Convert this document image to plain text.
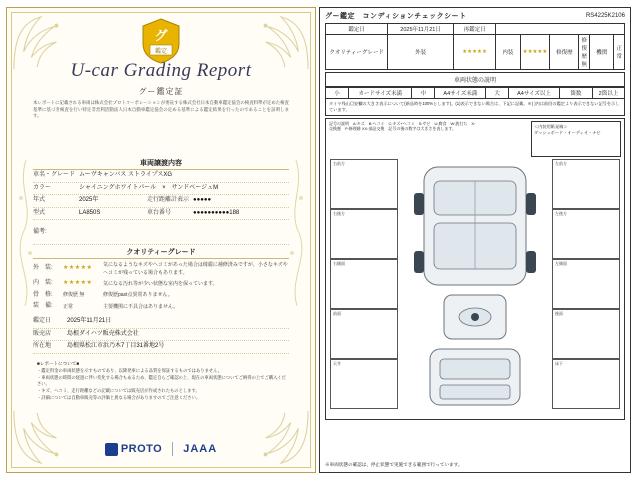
グ
鑑定
U-car Grading Report
グー鑑定証
本レポートに記載される車両は株式会社プロトコーポレーションが委託する株式会社日本自動車鑑定協会の検査料準が定めた検査基準に基づき検査を行い特定非営利活動法人日本自動車鑑定協会の定める基準による鑑定結果を行ったのであることを証明します。
車両譲渡内容
車名・グレード ムーヴキャンバス ストライプスXG
カラー	シャイニングホワイトパール　×　サンドベージュM
年式	2025年	走行距離計表示 ●●●●●
型式	LA850S	車台番号	●●●●●●●●●●188
備考:
クオリティーグレード
外　装:	★★★★★
気になるようなキズやへコミがあった場合は綺麗に補修済みですが、小さなキズやヘコミが残っている場合もあります。
内　装:	★★★★★	気になる汚れ等が少い状態な室内を保っています。
骨　格:	修復歴 無	修復歴past点異常ありません。
装　備:	正常	主要機関に不具合はありません。
鑑定日	2025年11月21日
販売店	島根ダイハツ販売株式会社
所在地	島根県松江市浜乃木7丁目31番地2号
■レポートについて■
・鑑定料金の車両状態を示すものであり、以降発車による品質を保証するものではありません。
・車両状態の時間の経過に伴い変化する場合もあるため、鑑定自らご確認の上、現在の車両状態についてご納得の上でご購入ください。
・キズ、へコミ、走行距離などの記載については販売店が作成されたものとします。
・詳細については自動車販売等の評価と異なる場合がありますのでご注意ください。
PROTO JAAA
グー鑑定　コンディションチェックシート	RS4225K2106
鑑定日	2025年11月21日	再鑑定日						
クオリティーグレード	外装	★★★★★	内装	★★★★★	修復歴	修復歴無	機関	正常
車両状態の説明
小	カードサイズ未満	中	A4サイズ未満	大	A4サイズ以上	箇数	2箇以上
タイヤ残山目安欄の大きさ表示について(新品時を100%とします)。(1)表示できない場合は、下記に記載。※( )内は前回の鑑定より表示できない記号を示しています。
記号の説明　A:キズ　B:ヘコミ　C:キズ+ヘコミ　S:サビ　U:腐食　W:波打ち　X:交換歴　P:修理跡 XX:部品交換　記号の後の数字は大きさを表します。	＜内装用紙発端＞
ダッシュボード・オーディオ・ナビ
右前方
右後方
右側面
前面
天井
左前方
左後方
左側面
後面
床下
※車両状態の確認は、停止状態で実施できる範囲で行っています。
